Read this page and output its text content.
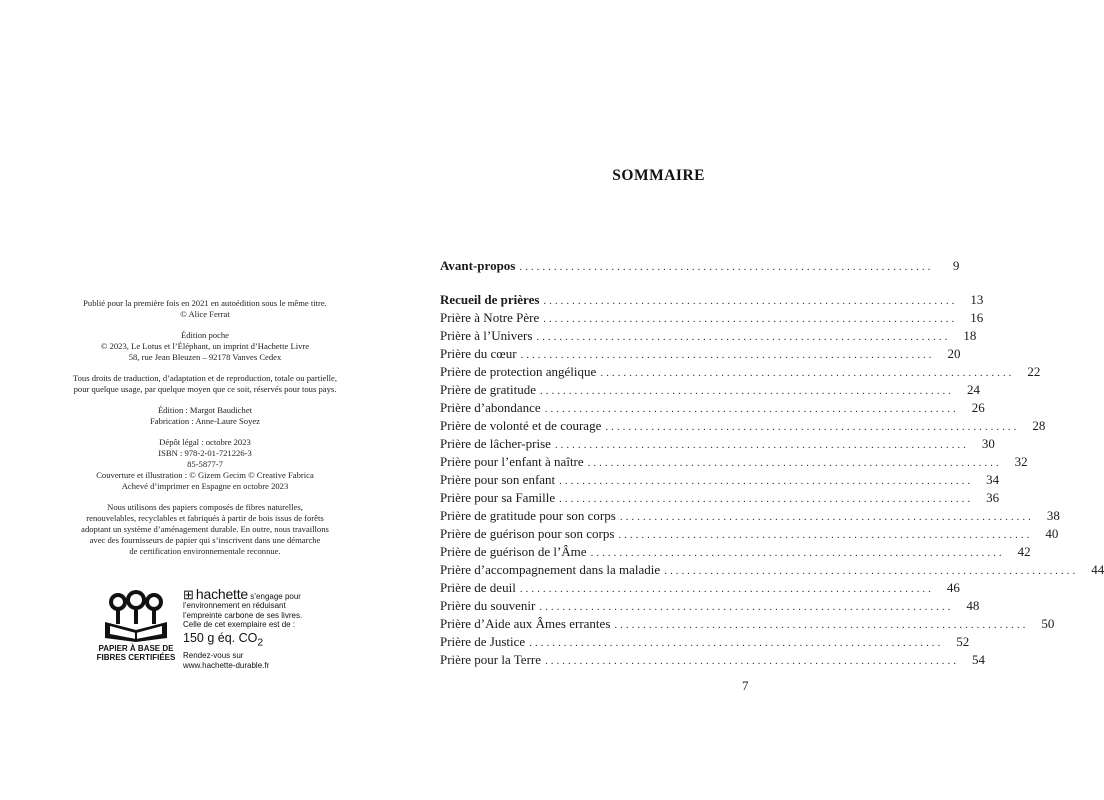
Publié pour la première fois en 2021 en autoédition sous le même titre.

© Alice Ferrat

Édition poche

© 2023, Le Lotus et l’Éléphant, un imprint d’Hachette Livre

58, rue Jean Bleuzen – 92178 Vanves Cedex

Tous droits de traduction, d’adaptation et de reproduction, totale ou partielle,

pour quelque usage, par quelque moyen que ce soit, réservés pour tous pays.

Édition : Margot Baudichet

Fabrication : Anne-Laure Soyez

Dépôt légal : octobre 2023

ISBN : 978-2-01-721226-3

85-5877-7

Couverture et illustration : © Gizem Gecim © Creative Fabrica

Achevé d’imprimer en Espagne en octobre 2023

Nous utilisons des papiers composés de fibres naturelles,

renouvelables, recyclables et fabriqués à partir de bois issus de forêts

adoptant un système d’aménagement durable. En outre, nous travaillons

avec des fournisseurs de papier qui s’inscrivent dans une démarche

de certification environnementale reconnue.

PAPIER À BASE DE
FIBRES CERTIFIÉES
⊞ hachette s’engage pour
l’environnement en réduisant
l’empreinte carbone de ses livres.
Celle de cet exemplaire est de :
150 g éq. $CO_2$
Rendez-vous sur
www.hachette-durable.fr
SOMMAIRE
Avant-propos ........................................................................	9
Recueil de prières ........................................................................	13
Prière à Notre Père ........................................................................	16
Prière à l’Univers ........................................................................	18
Prière du cœur ........................................................................	20
Prière de protection angélique ........................................................................	22
Prière de gratitude ........................................................................	24
Prière d’abondance ........................................................................	26
Prière de volonté et de courage ........................................................................	28
Prière de lâcher-prise ........................................................................	30
Prière pour l’enfant à naître ........................................................................	32
Prière pour son enfant ........................................................................	34
Prière pour sa Famille ........................................................................	36
Prière de gratitude pour son corps ........................................................................	38
Prière de guérison pour son corps ........................................................................	40
Prière de guérison de l’Âme ........................................................................	42
Prière d’accompagnement dans la maladie ........................................................................	44
Prière de deuil ........................................................................	46
Prière du souvenir ........................................................................	48
Prière d’Aide aux Âmes errantes ........................................................................	50
Prière de Justice ........................................................................	52
Prière pour la Terre ........................................................................	54
7
